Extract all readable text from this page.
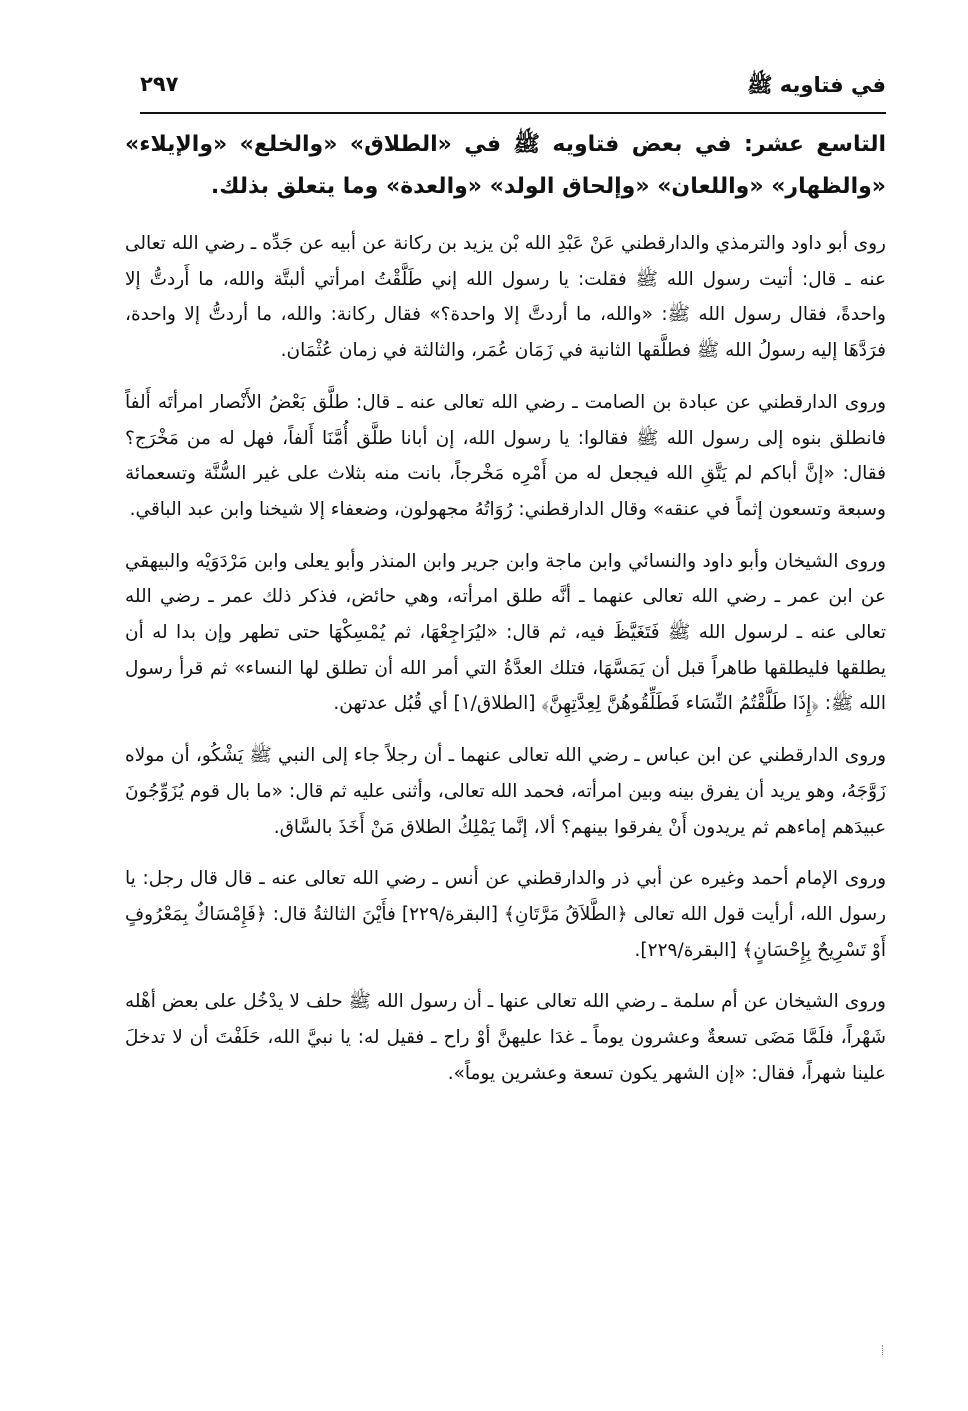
في فتاويه ﷺ
٢٩٧
التاسع عشر: في بعض فتاويه ﷺ في «الطلاق» «والخلع» «والإيلاء» «والظهار» «واللعان» «وإلحاق الولد» «والعدة» وما يتعلق بذلك.

روى أبو داود والترمذي والدارقطني عَنْ عَبْدِ الله بْن يزيد بن ركانة عن أبيه عن جَدِّه ـ رضي الله تعالى عنه ـ قال: أتيت رسول الله ﷺ فقلت: يا رسول الله إني طَلَّقْتُ امرأتي ألبتَّة والله، ما أَردتُّ إلا واحدةً، فقال رسول الله ﷺ: «والله، ما أردتَّ إلا واحدة؟» فقال ركانة: والله، ما أردتُّ إلا واحدة، فرَدَّهَا إليه رسولُ الله ﷺ فطلَّقها الثانية في زَمَان عُمَر، والثالثة في زمان عُثْمَان.

وروى الدارقطني عن عبادة بن الصامت ـ رضي الله تعالى عنه ـ قال: طلَّق بَعْضُ الأَنْصار امرأتَه أَلفاً فانطلق بنوه إلى رسول الله ﷺ فقالوا: يا رسول الله، إن أبانا طلَّق أُمَّنَا أَلفاً، فهل له من مَخْرَج؟ فقال: «إنَّ أباكم لم يَتَّقِ الله فيجعل له من أَمْرِه مَخْرجاً، بانت منه بثلاث على غير السُّنَّة وتسعمائة وسبعة وتسعون إثماً في عنقه» وقال الدارقطني: رُوَاتُهُ مجهولون، وضعفاء إلا شيخنا وابن عبد الباقي.

وروى الشيخان وأبو داود والنسائي وابن ماجة وابن جرير وابن المنذر وأبو يعلى وابن مَرْدَوَيْه والبيهقي عن ابن عمر ـ رضي الله تعالى عنهما ـ أنَّه طلق امرأته، وهي حائض، فذكر ذلك عمر ـ رضي الله تعالى عنه ـ لرسول الله ﷺ فَتَغَيَّظَ فيه، ثم قال: «ليُرَاجِعْهَا، ثم يُمْسِكْهَا حتى تطهر وإن بدا له أن يطلقها فليطلقها طاهراً قبل أن يَمَسَّهَا، فتلك العدَّةُ التي أمر الله أن تطلق لها النساء» ثم قرأ رسول الله ﷺ: ﴿إِذَا طَلَّقْتُمُ النِّسَاء فَطَلِّقُوهُنَّ لِعِدَّتِهِنَّ﴾ [الطلاق/١] أي قُبُل عدتهن.

وروى الدارقطني عن ابن عباس ـ رضي الله تعالى عنهما ـ أن رجلاً جاء إلى النبي ﷺ يَشْكُو، أن مولاه زَوَّجَهُ، وهو يريد أن يفرق بينه وبين امرأته، فحمد الله تعالى، وأثنى عليه ثم قال: «ما بال قوم يُزَوِّجُونَ عبيدَهم إماءهم ثم يريدون أَنْ يفرقوا بينهم؟ ألا، إنَّما يَمْلِكُ الطلاق مَنْ أَخَذَ بالسَّاق.

وروى الإمام أحمد وغيره عن أبي ذر والدارقطني عن أنس ـ رضي الله تعالى عنه ـ قال قال رجل: يا رسول الله، أرأيت قول الله تعالى ﴿الطَّلاَقُ مَرَّتَانِ﴾ [البقرة/٢٢٩] فأَيْنَ الثالثةُ قال: ﴿فَإِمْسَاكٌ بِمَعْرُوفٍ أَوْ تَسْرِيحٌ بِإِحْسَانٍ﴾ [البقرة/٢٢٩].

وروى الشيخان عن أم سلمة ـ رضي الله تعالى عنها ـ أن رسول الله ﷺ حلف لا يدْخُل على بعض أهْله شَهْراً، فلَمَّا مَضَى تسعةٌ وعشرون يوماً ـ غدَا عليهنَّ أوْ راح ـ فقيل له: يا نبيَّ الله، حَلَفْتَ أن لا تدخلَ علينا شهراً، فقال: «إن الشهر يكون تسعة وعشرين يوماً».
